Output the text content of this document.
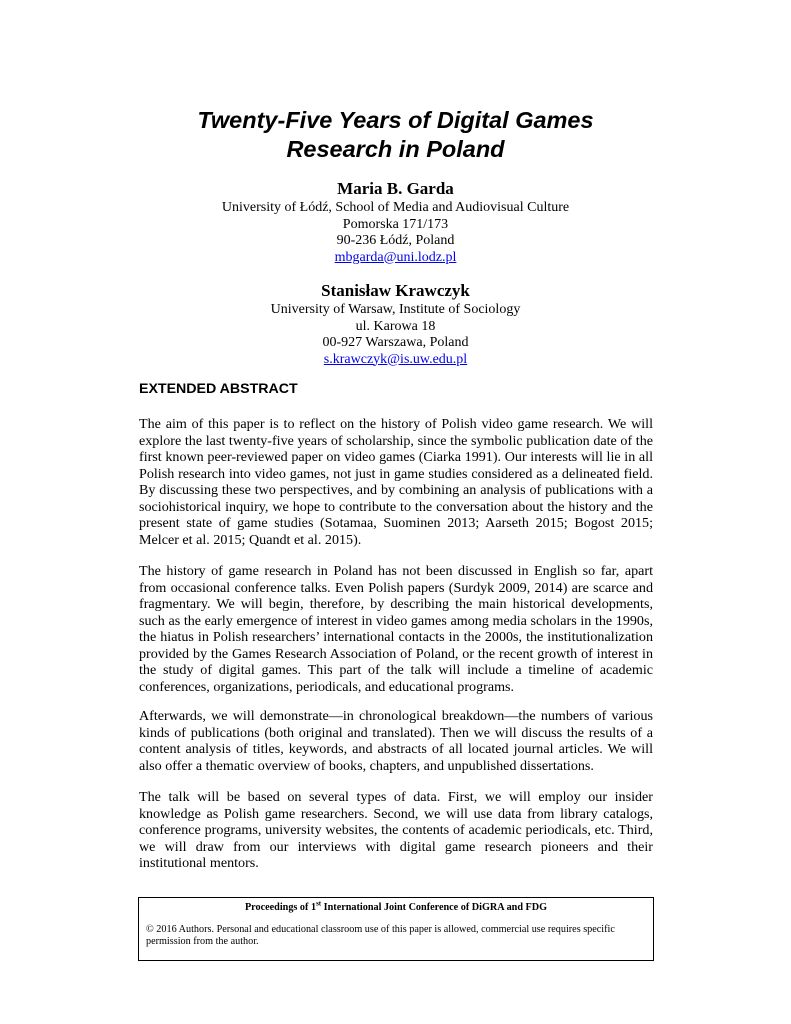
Twenty-Five Years of Digital Games
Research in Poland
Maria B. Garda
University of Łódź, School of Media and Audiovisual Culture
Pomorska 171/173
90-236 Łódź, Poland
mbgarda@uni.lodz.pl
Stanisław Krawczyk
University of Warsaw, Institute of Sociology
ul. Karowa 18
00-927 Warszawa, Poland
s.krawczyk@is.uw.edu.pl
EXTENDED ABSTRACT

The aim of this paper is to reflect on the history of Polish video game research. We will explore the last twenty-five years of scholarship, since the symbolic publication date of the first known peer-reviewed paper on video games (Ciarka 1991). Our interests will lie in all Polish research into video games, not just in game studies considered as a delineated field. By discussing these two perspectives, and by combining an analysis of publications with a sociohistorical inquiry, we hope to contribute to the conversation about the history and the present state of game studies (Sotamaa, Suominen 2013; Aarseth 2015; Bogost 2015; Melcer et al. 2015; Quandt et al. 2015).

The history of game research in Poland has not been discussed in English so far, apart from occasional conference talks. Even Polish papers (Surdyk 2009, 2014) are scarce and fragmentary. We will begin, therefore, by describing the main historical developments, such as the early emergence of interest in video games among media scholars in the 1990s, the hiatus in Polish researchers’ international contacts in the 2000s, the institutionalization provided by the Games Research Association of Poland, or the recent growth of interest in the study of digital games. This part of the talk will include a timeline of academic conferences, organizations, periodicals, and educational programs.

Afterwards, we will demonstrate—in chronological breakdown—the numbers of various kinds of publications (both original and translated). Then we will discuss the results of a content analysis of titles, keywords, and abstracts of all located journal articles. We will also offer a thematic overview of books, chapters, and unpublished dissertations.

The talk will be based on several types of data. First, we will employ our insider knowledge as Polish game researchers. Second, we will use data from library catalogs, conference programs, university websites, the contents of academic periodicals, etc. Third, we will draw from our interviews with digital game research pioneers and their institutional mentors.

Proceedings of 1st International Joint Conference of DiGRA and FDG
© 2016 Authors. Personal and educational classroom use of this paper is allowed, commercial use requires specific permission from the author.
